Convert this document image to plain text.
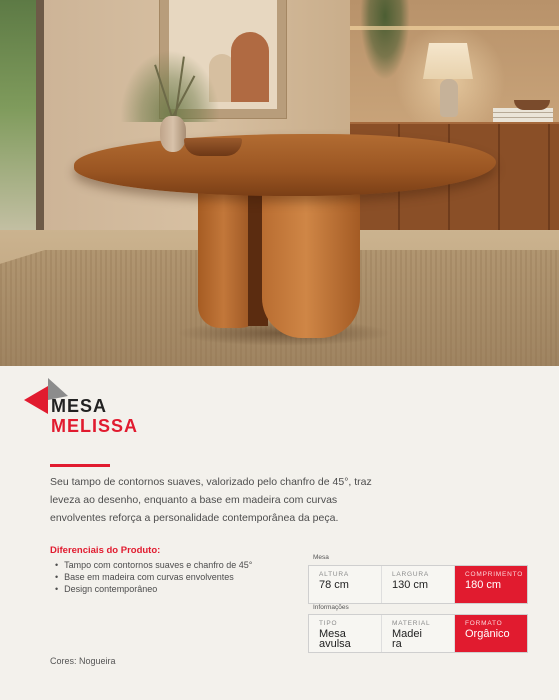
MESA
MELISSA
Seu tampo de contornos suaves, valorizado pelo chanfro de 45°, traz leveza ao desenho, enquanto a base em madeira com curvas envolventes reforça a personalidade contemporânea da peça.
Diferenciais do Produto:
• Tampo com contornos suaves e chanfro de 45°
• Base em madeira com curvas envolventes
• Design contemporâneo
Cores: Nogueira
Mesa
ALTURA
78 cm
LARGURA
130 cm
COMPRIMENTO
180 cm
Informações
TIPO
Mesa avulsa
MATERIAL
Madeira
FORMATO
Orgânico
